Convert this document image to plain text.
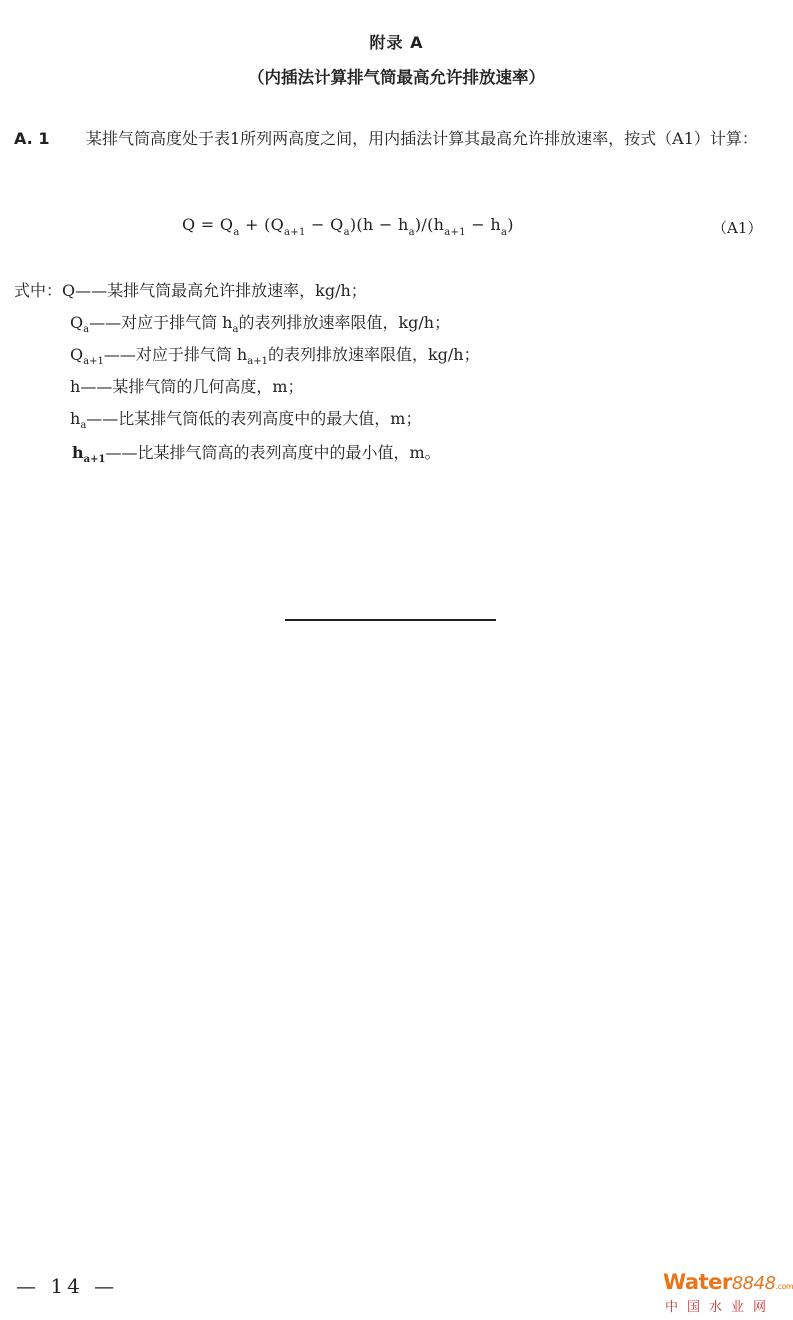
附录 A
（内插法计算排气筒最高允许排放速率）
A. 1 某排气筒高度处于表1所列两高度之间，用内插法计算其最高允许排放速率，按式（A1）计算：
$Q = Q_a + (Q_{a+1} - Q_a)(h - h_a)/(h_{a+1} - h_a)$	（A1）
式中：Q——某排气筒最高允许排放速率，kg/h；
$Q_a——$对应于排气筒 $h_a$的表列排放速率限值，kg/h；
$Q_{a+1}——$对应于排气筒 $h_{a+1}$的表列排放速率限值，kg/h；
h——某排气筒的几何高度，m；
$h_a——$比某排气筒低的表列高度中的最大值，m；
$h_{a+1}——$比某排气筒高的表列高度中的最小值，m。
— 14 —	Water8848.com
中国水业网
